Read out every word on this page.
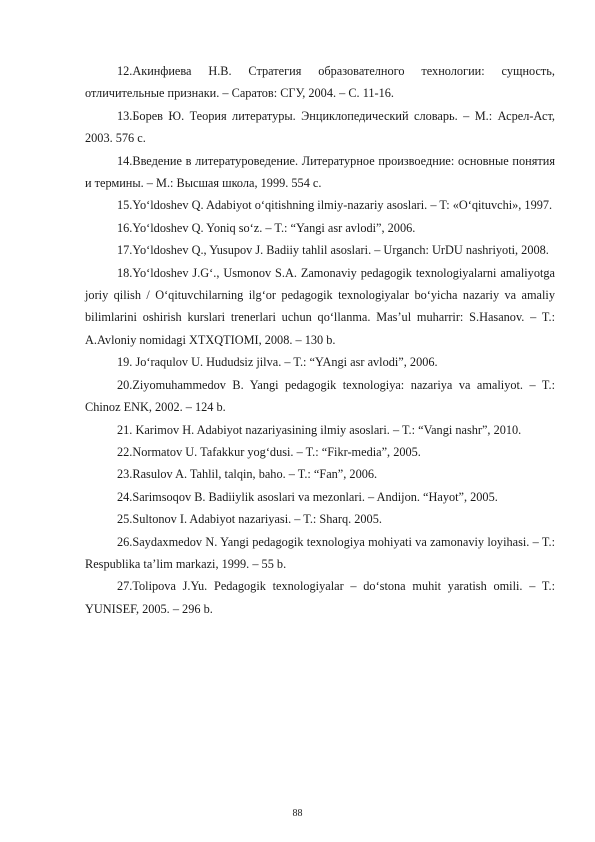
12.Акинфиева Н.В. Стратегия образователного технологии: сущность, отличительные признаки. – Саратов: СГУ, 2004. – С. 11-16.

13.Борев Ю. Теория литературы. Энциклопедический словарь. – М.: Асрел-Аст, 2003. 576 с.

14.Введение в литературоведение. Литературное произвоедние: основные понятия и термины. – М.: Высшая школа, 1999. 554 с.

15.Yo‘ldoshev Q. Adabiyot o‘qitishning ilmiy-nazariy asoslari. – T: «O‘qituvchi», 1997.

16.Yo‘ldoshev Q. Yoniq so‘z. – T.: “Yangi asr avlodi”, 2006.

17.Yo‘ldoshev Q., Yusupov J. Badiiy tahlil asoslari. – Urganch: UrDU nashriyoti, 2008.

18.Yo‘ldoshev J.G‘., Usmonov S.A. Zamonaviy pedagogik texnologiyalarni amaliyotga joriy qilish / O‘qituvchilarning ilg‘or pedagogik texnologiyalar bo‘yicha nazariy va amaliy bilimlarini oshirish kurslari trenerlari uchun qo‘llanma. Mas’ul muharrir: S.Hasanov. – T.: A.Avloniy nomidagi XTXQTIOMI, 2008. – 130 b.

19. Jo‘raqulov U. Hududsiz jilva. – T.: “YAngi asr avlodi”, 2006.

20.Ziyomuhammedov B. Yangi pedagogik texnologiya: nazariya va amaliyot. – T.: Chinoz ENK, 2002. – 124 b.

21. Karimov H. Adabiyot nazariyasining ilmiy asoslari. – T.: “Vangi nashr”, 2010.

22.Normatov U. Tafakkur yog‘dusi. – T.: “Fikr-media”, 2005.

23.Rasulov A. Tahlil, talqin, baho. – T.: “Fan”, 2006.

24.Sarimsoqov B. Badiiylik asoslari va mezonlari. – Andijon. “Hayot”, 2005.

25.Sultonov I. Adabiyot nazariyasi. – T.: Sharq. 2005.

26.Saydaxmedov N. Yangi pedagogik texnologiya mohiyati va zamonaviy loyihasi. – T.: Respublika ta’lim markazi, 1999. – 55 b.

27.Tolipova J.Yu. Pedagogik texnologiyalar – do‘stona muhit yaratish omili. – T.: YUNISEF, 2005. – 296 b.

88
